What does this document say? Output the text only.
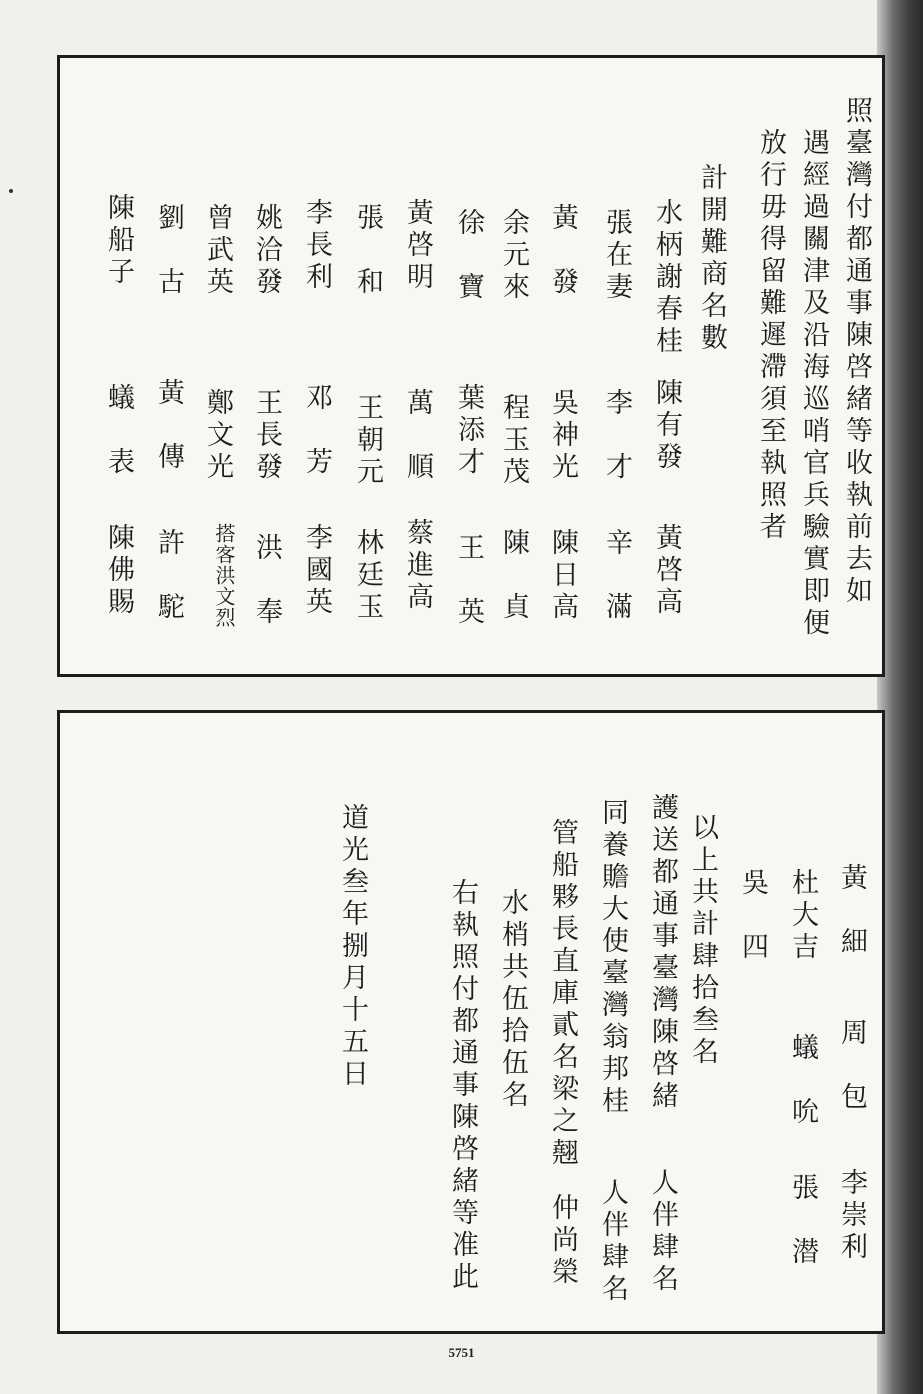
照臺灣付都通事陳啓緒等收執前去如
遇經過關津及沿海巡哨官兵驗實即便
放行毋得留難遲滯須至執照者
計開難商名數
水柄謝春桂
張在妻
黃　發
余元來
徐　寶
黃啓明
張　和
李長利
姚洽發
曾武英
劉　古
陳船子
陳有發
李　才
吳神光
程玉茂
葉添才
萬　順
王朝元
邓　芳
王長發
鄭文光
黃　傳
蟻　表
黃啓高
辛　滿
陳日高
陳　貞
王　英
蔡進高
林廷玉
李國英
洪　奉
搭客洪文烈
許　駝
陳佛賜
黃　細
周　包
李崇利
杜大吉
蟻　吮
張　潜
吳　四
以上共計肆拾叁名
護送都通事臺灣陳啓緒
人伴肆名
同養贍大使臺灣翁邦桂
人伴肆名
管船夥長直庫貳名梁之翹
仲尚榮
水梢共伍拾伍名
右執照付都通事陳啓緒等准此
道光叁年捌月十五日
5751
